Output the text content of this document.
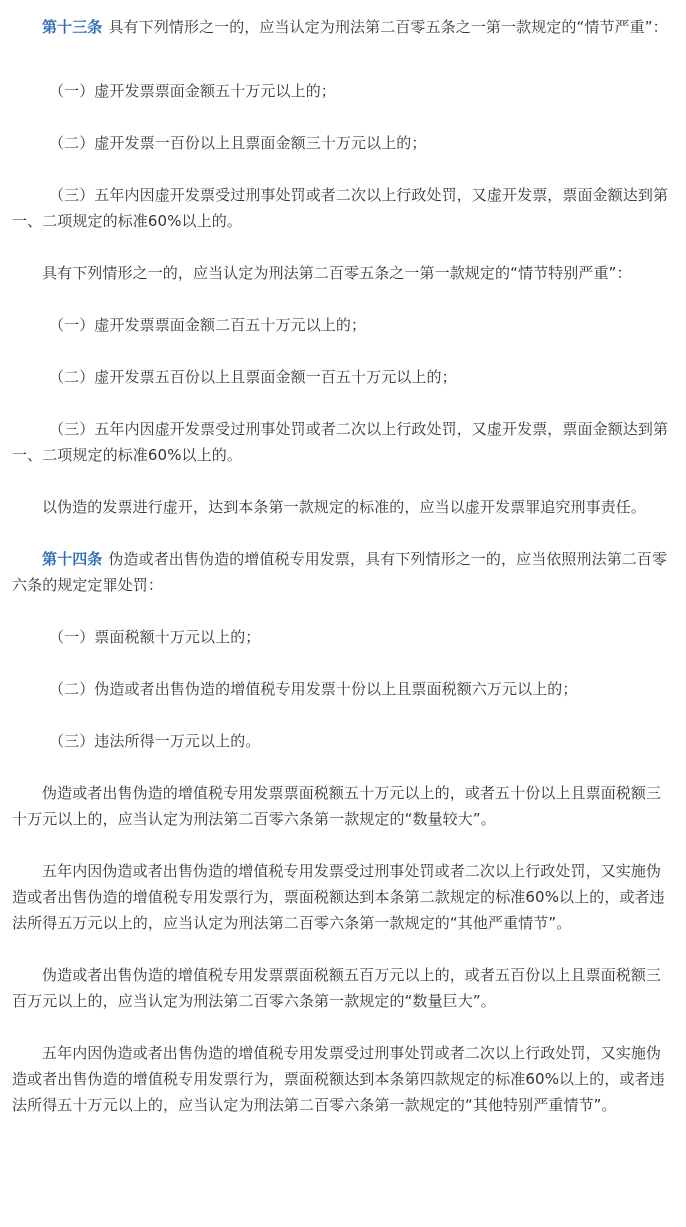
第十三条 具有下列情形之一的，应当认定为刑法第二百零五条之一第一款规定的“情节严重”：

（一）虚开发票票面金额五十万元以上的；

（二）虚开发票一百份以上且票面金额三十万元以上的；

（三）五年内因虚开发票受过刑事处罚或者二次以上行政处罚，又虚开发票，票面金额达到第一、二项规定的标准60%以上的。

具有下列情形之一的，应当认定为刑法第二百零五条之一第一款规定的“情节特别严重”：

（一）虚开发票票面金额二百五十万元以上的；

（二）虚开发票五百份以上且票面金额一百五十万元以上的；

（三）五年内因虚开发票受过刑事处罚或者二次以上行政处罚，又虚开发票，票面金额达到第一、二项规定的标准60%以上的。

以伪造的发票进行虚开，达到本条第一款规定的标准的，应当以虚开发票罪追究刑事责任。

第十四条 伪造或者出售伪造的增值税专用发票，具有下列情形之一的，应当依照刑法第二百零六条的规定定罪处罚：

（一）票面税额十万元以上的；

（二）伪造或者出售伪造的增值税专用发票十份以上且票面税额六万元以上的；

（三）违法所得一万元以上的。

伪造或者出售伪造的增值税专用发票票面税额五十万元以上的，或者五十份以上且票面税额三十万元以上的，应当认定为刑法第二百零六条第一款规定的“数量较大”。

五年内因伪造或者出售伪造的增值税专用发票受过刑事处罚或者二次以上行政处罚，又实施伪造或者出售伪造的增值税专用发票行为，票面税额达到本条第二款规定的标准60%以上的，或者违法所得五万元以上的，应当认定为刑法第二百零六条第一款规定的“其他严重情节”。

伪造或者出售伪造的增值税专用发票票面税额五百万元以上的，或者五百份以上且票面税额三百万元以上的，应当认定为刑法第二百零六条第一款规定的“数量巨大”。

五年内因伪造或者出售伪造的增值税专用发票受过刑事处罚或者二次以上行政处罚，又实施伪造或者出售伪造的增值税专用发票行为，票面税额达到本条第四款规定的标准60%以上的，或者违法所得五十万元以上的，应当认定为刑法第二百零六条第一款规定的“其他特别严重情节”。
